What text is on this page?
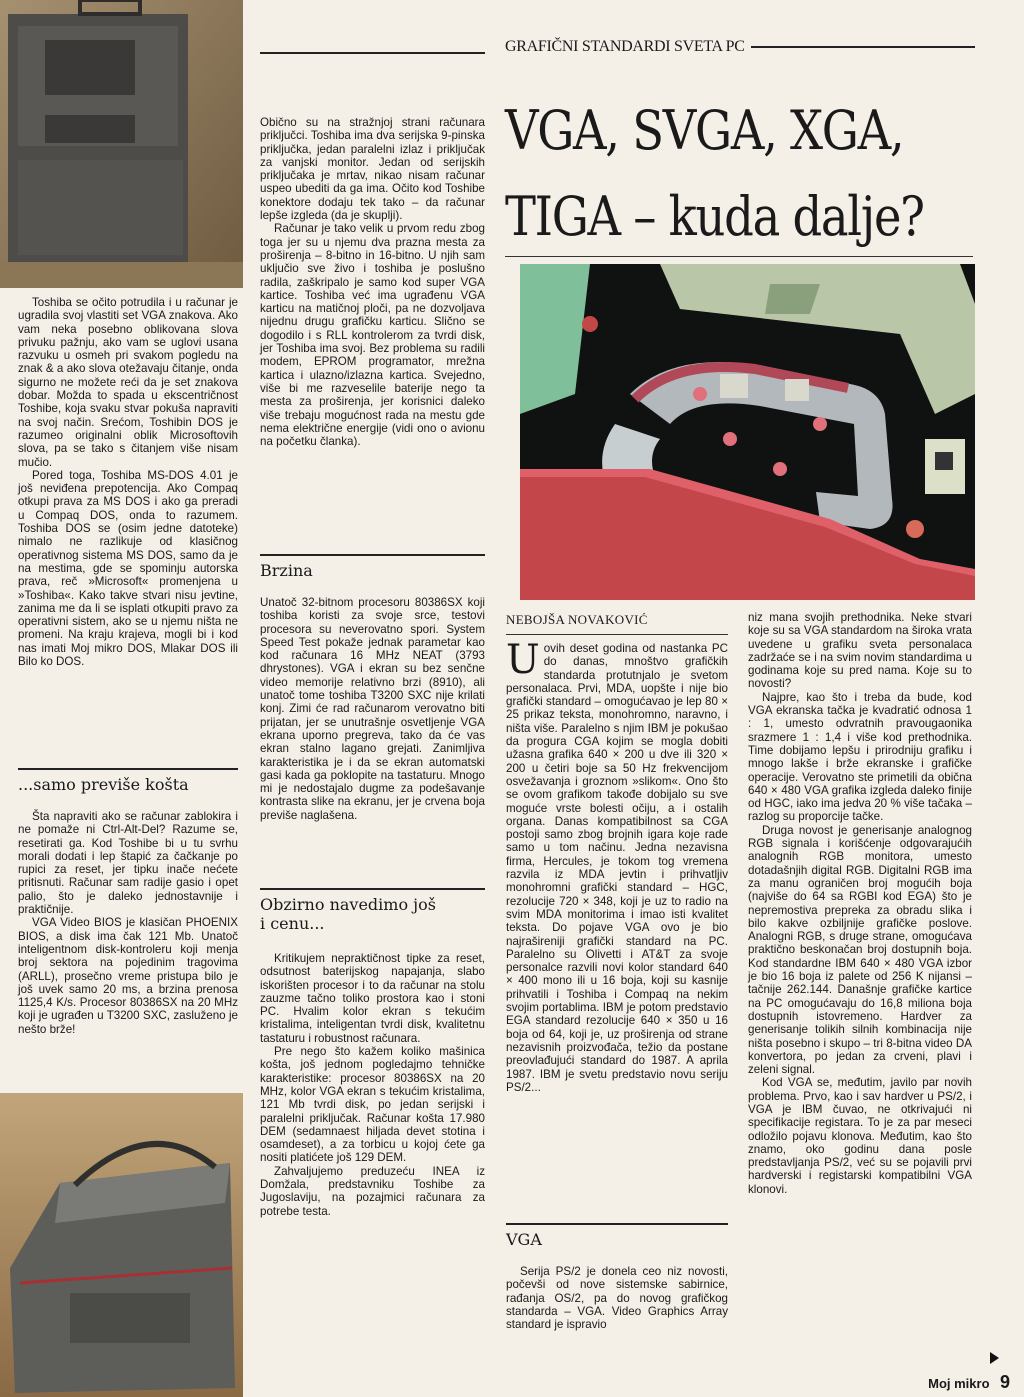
Toshiba se očito potrudila i u računar je ugradila svoj vlastiti set VGA znakova. Ako vam neka posebno oblikovana slova privuku pažnju, ako vam se uglovi usana razvuku u osmeh pri svakom pogledu na znak & a ako slova otežavaju čitanje, onda sigurno ne možete reći da je set znakova dobar. Možda to spada u ekscentričnost Toshibe, koja svaku stvar pokuša napraviti na svoj način. Srećom, Toshibin DOS je razumeo originalni oblik Microsoftovih slova, pa se tako s čitanjem više nisam mučio.

Pored toga, Toshiba MS-DOS 4.01 je još neviđena prepotencija. Ako Compaq otkupi prava za MS DOS i ako ga preradi u Compaq DOS, onda to razumem. Toshiba DOS se (osim jedne datoteke) nimalo ne razlikuje od klasičnog operativnog sistema MS DOS, samo da je na mestima, gde se spominju autorska prava, reč »Microsoft« promenjena u »Toshiba«. Kako takve stvari nisu jevtine, zanima me da li se isplati otkupiti pravo za operativni sistem, ako se u njemu ništa ne promeni. Na kraju krajeva, mogli bi i kod nas imati Moj mikro DOS, Mlakar DOS ili Bilo ko DOS.

...samo previše košta

Šta napraviti ako se računar zablokira i ne pomaže ni Ctrl-Alt-Del? Razume se, resetirati ga. Kod Toshibe bi u tu svrhu morali dodati i lep štapić za čačkanje po rupici za reset, jer tipku inače nećete pritisnuti. Računar sam radije gasio i opet palio, što je daleko jednostavnije i praktičnije.

VGA Video BIOS je klasičan PHOENIX BIOS, a disk ima čak 121 Mb. Unatoč inteligentnom disk-kontroleru koji menja broj sektora na pojedinim tragovima (ARLL), prosečno vreme pristupa bilo je još uvek samo 20 ms, a brzina prenosa 1125,4 K/s. Procesor 80386SX na 20 MHz koji je ugrađen u T3200 SXC, zasluženo je nešto brže!

Obično su na stražnjoj strani računara priključci. Toshiba ima dva serijska 9-pinska priključka, jedan paralelni izlaz i priključak za vanjski monitor. Jedan od serijskih priključaka je mrtav, nikao nisam računar uspeo ubediti da ga ima. Očito kod Toshibe konektore dodaju tek tako – da računar lepše izgleda (da je skuplji).

Računar je tako velik u prvom redu zbog toga jer su u njemu dva prazna mesta za proširenja – 8-bitno in 16-bitno. U njih sam uključio sve živo i toshiba je poslušno radila, zaškripalo je samo kod super VGA kartice. Toshiba već ima ugrađenu VGA karticu na matičnoj ploči, pa ne dozvoljava nijednu drugu grafičku karticu. Slično se dogodilo i s RLL kontrolerom za tvrdi disk, jer Toshiba ima svoj. Bez problema su radili modem, EPROM programator, mrežna kartica i ulazno/izlazna kartica. Svejedno, više bi me razveselile baterije nego ta mesta za proširenja, jer korisnici daleko više trebaju mogućnost rada na mestu gde nema električne energije (vidi ono o avionu na početku članka).

Brzina

Unatoč 32-bitnom procesoru 80386SX koji toshiba koristi za svoje srce, testovi procesora su neverovatno spori. System Speed Test pokaže jednak parametar kao kod računara 16 MHz NEAT (3793 dhrystones). VGA i ekran su bez senčne video memorije relativno brzi (8910), ali unatoč tome toshiba T3200 SXC nije krilati konj. Zimi će rad računarom verovatno biti prijatan, jer se unutrašnje osvetljenje VGA ekrana uporno pregreva, tako da će vas ekran stalno lagano grejati. Zanimljiva karakteristika je i da se ekran automatski gasi kada ga poklopite na tastaturu. Mnogo mi je nedostajalo dugme za podešavanje kontrasta slike na ekranu, jer je crvena boja previše naglašena.

Obzirno navedimo još
i cenu...

Kritikujem nepraktičnost tipke za reset, odsutnost baterijskog napajanja, slabo iskorišten procesor i to da računar na stolu zauzme tačno toliko prostora kao i stoni PC. Hvalim kolor ekran s tekućim kristalima, inteligentan tvrdi disk, kvalitetnu tastaturu i robustnost računara.

Pre nego što kažem koliko mašinica košta, još jednom pogledajmo tehničke karakteristike: procesor 80386SX na 20 MHz, kolor VGA ekran s tekućim kristalima, 121 Mb tvrdi disk, po jedan serijski i paralelni priključak. Računar košta 17.980 DEM (sedamnaest hiljada devet stotina i osamdeset), a za torbicu u kojoj ćete ga nositi platićete još 129 DEM.

Zahvaljujemo preduzeću INEA iz Domžala, predstavniku Toshibe za Jugoslaviju, na pozajmici računara za potrebe testa.

GRAFIČNI STANDARDI SVETA PC
VGA, SVGA, XGA,
TIGA – kuda dalje?
NEBOJŠA NOVAKOVIĆ

Uovih deset godina od nastanka PC do danas, mnoštvo grafičkih standarda protutnjalo je svetom personalaca. Prvi, MDA, uopšte i nije bio grafički standard – omogućavao je lep 80 × 25 prikaz teksta, monohromno, naravno, i ništa više. Paralelno s njim IBM je pokušao da progura CGA kojim se mogla dobiti užasna grafika 640 × 200 u dve ili 320 × 200 u četiri boje sa 50 Hz frekvencijom osvežavanja i groznom »slikom«. Ono što se ovom grafikom takođe dobijalo su sve moguće vrste bolesti očiju, a i ostalih organa. Danas kompatibilnost sa CGA postoji samo zbog brojnih igara koje rade samo u tom načinu. Jedna nezavisna firma, Hercules, je tokom tog vremena razvila iz MDA jevtin i prihvatljiv monohromni grafički standard – HGC, rezolucije 720 × 348, koji je uz to radio na svim MDA monitorima i imao isti kvalitet teksta. Do pojave VGA ovo je bio najrašireniji grafički standard na PC. Paralelno su Olivetti i AT&T za svoje personalce razvili novi kolor standard 640 × 400 mono ili u 16 boja, koji su kasnije prihvatili i Toshiba i Compaq na nekim svojim portablima. IBM je potom predstavio EGA standard rezolucije 640 × 350 u 16 boja od 64, koji je, uz proširenja od strane nezavisnih proizvođača, težio da postane preovlađujući standard do 1987. A aprila 1987. IBM je svetu predstavio novu seriju PS/2...

VGA

Serija PS/2 je donela ceo niz novosti, počevši od nove sistemske sabirnice, rađanja OS/2, pa do novog grafičkog standarda – VGA. Video Graphics Array standard je ispravio

niz mana svojih prethodnika. Neke stvari koje su sa VGA standardom na široka vrata uvedene u grafiku sveta personalaca zadržaće se i na svim novim standardima u godinama koje su pred nama. Koje su to novosti?

Najpre, kao što i treba da bude, kod VGA ekranska tačka je kvadratić odnosa 1 : 1, umesto odvratnih pravougaonika srazmere 1 : 1,4 i više kod prethodnika. Time dobijamo lepšu i prirodniju grafiku i mnogo lakše i brže ekranske i grafičke operacije. Verovatno ste primetili da obična 640 × 480 VGA grafika izgleda daleko finije od HGC, iako ima jedva 20 % više tačaka – razlog su proporcije tačke.

Druga novost je generisanje analognog RGB signala i korišćenje odgovarajućih analognih RGB monitora, umesto dotadašnjih digital RGB. Digitalni RGB ima za manu ograničen broj mogućih boja (najviše do 64 sa RGBI kod EGA) što je nepremostiva prepreka za obradu slika i bilo kakve ozbiljnije grafičke poslove. Analogni RGB, s druge strane, omogućava praktično beskonačan broj dostupnih boja. Kod standardne IBM 640 × 480 VGA izbor je bio 16 boja iz palete od 256 K nijansi – tačnije 262.144. Današnje grafičke kartice na PC omogućavaju do 16,8 miliona boja dostupnih istovremeno. Hardver za generisanje tolikih silnih kombinacija nije ništa posebno i skupo – tri 8-bitna video DA konvertora, po jedan za crveni, plavi i zeleni signal.

Kod VGA se, međutim, javilo par novih problema. Prvo, kao i sav hardver u PS/2, i VGA je IBM čuvao, ne otkrivajući ni specifikacije registara. To je za par meseci odložilo pojavu klonova. Međutim, kao što znamo, oko godinu dana posle predstavljanja PS/2, već su se pojavili prvi hardverski i registarski kompatibilni VGA klonovi.

Moj mikro 9
